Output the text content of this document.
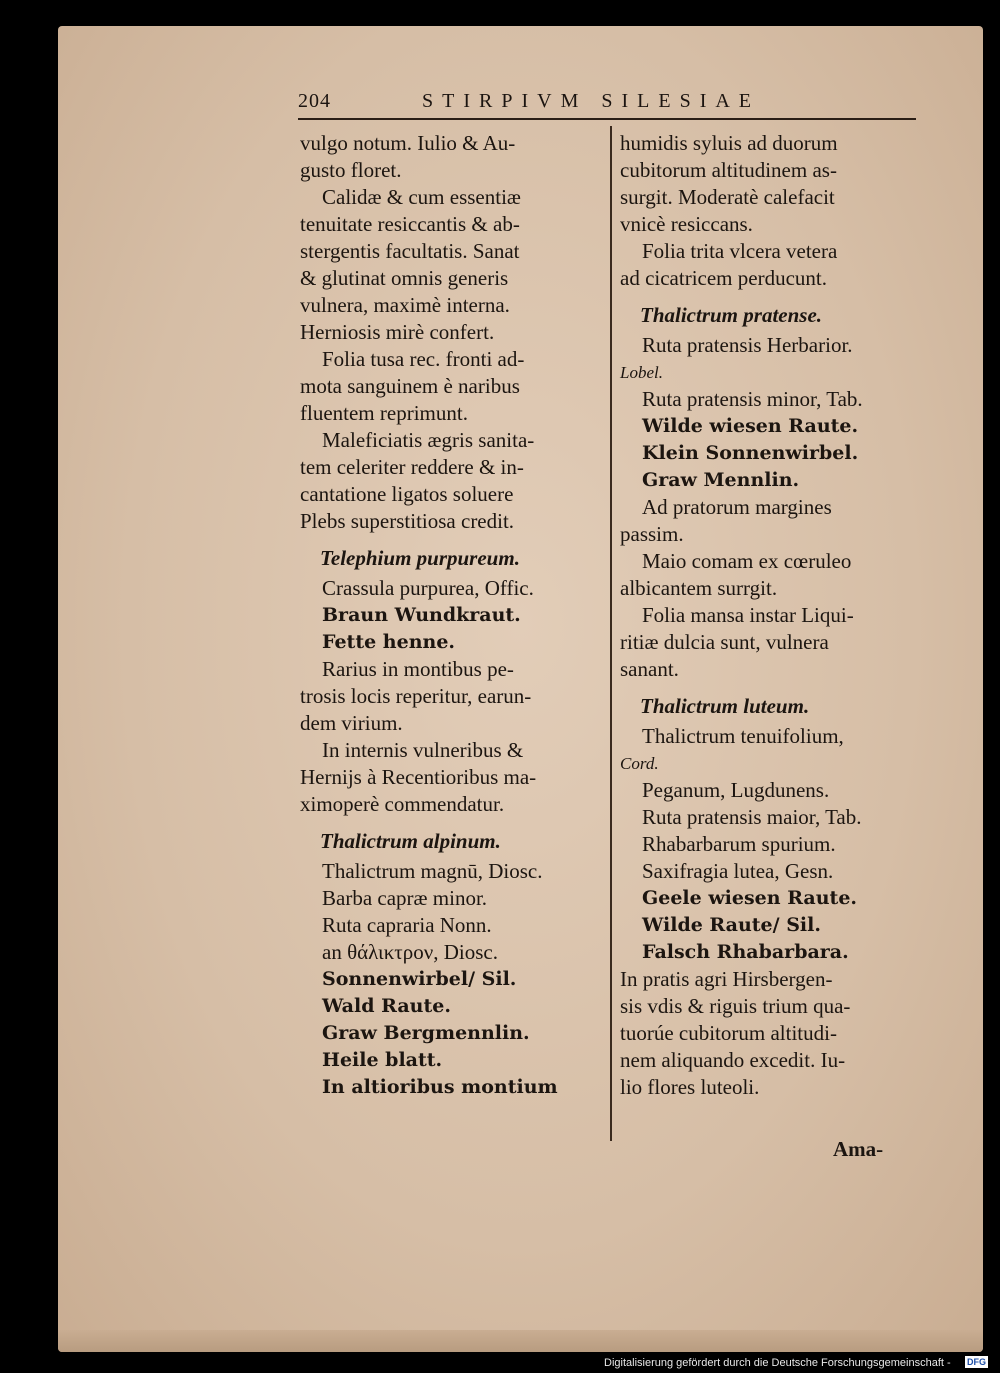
204	STIRPIVM SILESIAE
vulgo notum. Iulio & Au-
gusto floret.
Calidæ & cum essentiæ
tenuitate resiccantis & ab-
stergentis facultatis. Sanat
& glutinat omnis generis
vulnera, maximè interna.
Herniosis mirè confert.
Folia tusa rec. fronti ad-
mota sanguinem è naribus
fluentem reprimunt.
Maleficiatis ægris sanita-
tem celeriter reddere & in-
cantatione ligatos soluere
Plebs superstitiosa credit.
Telephium purpureum.
Crassula purpurea, Offic.
Braun Wundkraut.
Fette henne.
Rarius in montibus pe-
trosis locis reperitur, earun-
dem virium.
In internis vulneribus &
Hernijs à Recentioribus ma-
ximoperè commendatur.
Thalictrum alpinum.
Thalictrum magnū, Diosc.
Barba capræ minor.
Ruta capraria Nonn.
an θάλικτρον, Diosc.
Sonnenwirbel/ Sil.
Wald Raute.
Graw Bergmennlin.
Heile blatt.
In altioribus montium
humidis syluis ad duorum
cubitorum altitudinem as-
surgit. Moderatè calefacit
vnicè resiccans.
Folia trita vlcera vetera
ad cicatricem perducunt.
Thalictrum pratense.
Ruta pratensis Herbarior.
Lobel.
Ruta pratensis minor, Tab.
Wilde wiesen Raute.
Klein Sonnenwirbel.
Graw Mennlin.
Ad pratorum margines
passim.
Maio comam ex cœruleo
albicantem surrgit.
Folia mansa instar Liqui-
ritiæ dulcia sunt, vulnera
sanant.
Thalictrum luteum.
Thalictrum tenuifolium,
Cord.
Peganum, Lugdunens.
Ruta pratensis maior, Tab.
Rhabarbarum spurium.
Saxifragia lutea, Gesn.
Geele wiesen Raute.
Wilde Raute/ Sil.
Falsch Rhabarbara.
In pratis agri Hirsbergen-
sis vdis & riguis trium qua-
tuorúe cubitorum altitudi-
nem aliquando excedit. Iu-
lio flores luteoli.
Ama-
Digitalisierung gefördert durch die Deutsche Forschungsgemeinschaft - DFG
